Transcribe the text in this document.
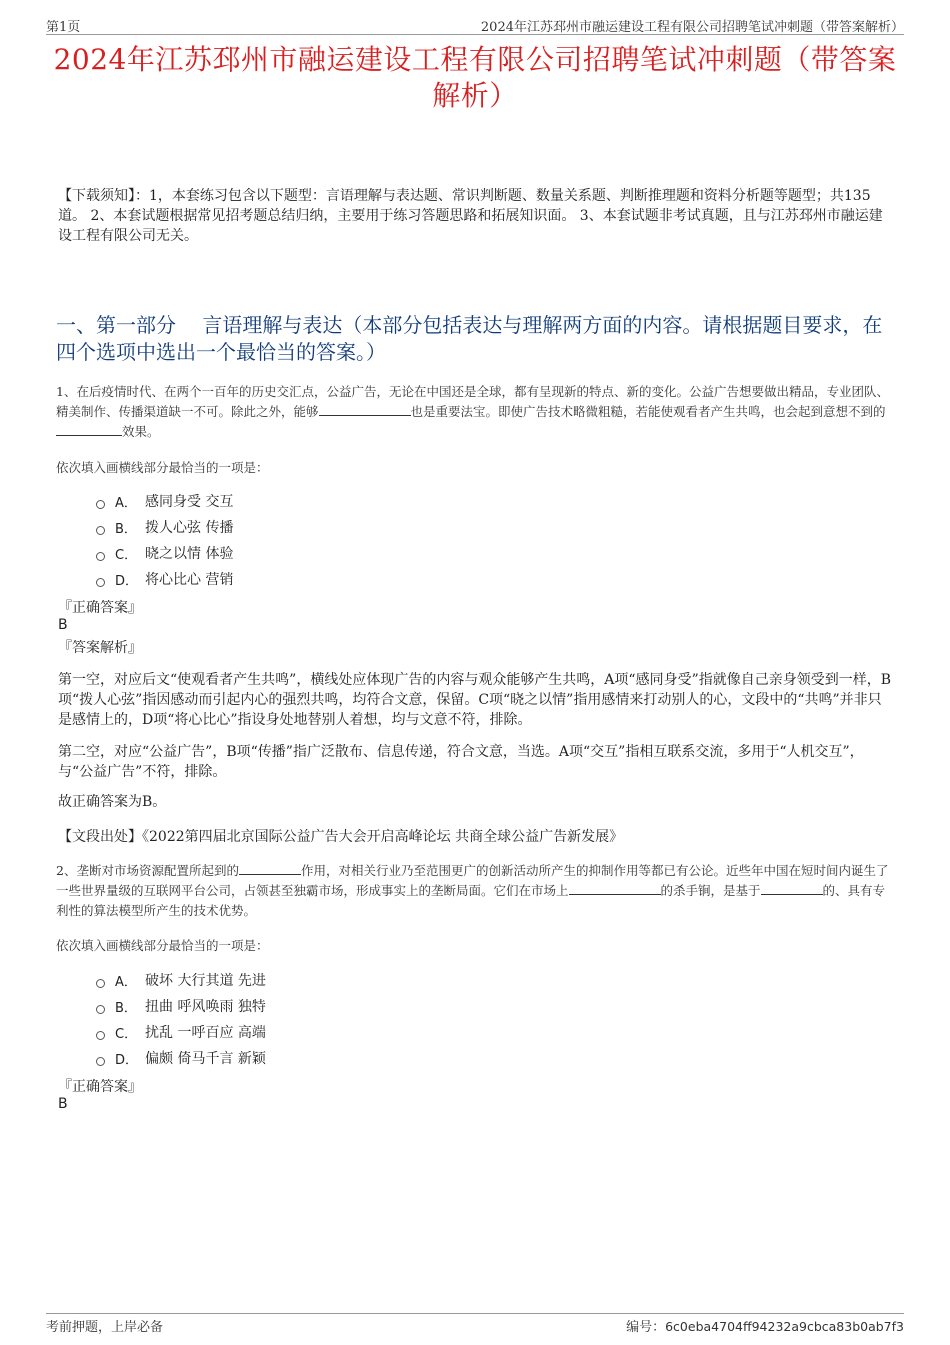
第1页	2024年江苏邳州市融运建设工程有限公司招聘笔试冲刺题（带答案解析）
2024年江苏邳州市融运建设工程有限公司招聘笔试冲刺题（带答案解析）
【下载须知】：1，本套练习包含以下题型：言语理解与表达题、常识判断题、数量关系题、判断推理题和资料分析题等题型；共135道。 2、本套试题根据常见招考题总结归纳，主要用于练习答题思路和拓展知识面。 3、本套试题非考试真题，且与江苏邳州市融运建设工程有限公司无关。
一、第一部分　 言语理解与表达（本部分包括表达与理解两方面的内容。请根据题目要求，在四个选项中选出一个最恰当的答案。）
1、在后疫情时代、在两个一百年的历史交汇点，公益广告，无论在中国还是全球，都有呈现新的特点、新的变化。公益广告想要做出精品，专业团队、精美制作、传播渠道缺一不可。除此之外，能够	也是重要法宝。即使广告技术略微粗糙，若能使观看者产生共鸣，也会起到意想不到的效果。
依次填入画横线部分最恰当的一项是：
A． 感同身受 交互
B． 拨人心弦 传播
C． 晓之以情 体验
D． 将心比心 营销
『正确答案』
B
『答案解析』
第一空，对应后文“使观看者产生共鸣”，横线处应体现广告的内容与观众能够产生共鸣，A项“感同身受”指就像自己亲身领受到一样，B项“拨人心弦”指因感动而引起内心的强烈共鸣，均符合文意，保留。C项“晓之以情”指用感情来打动别人的心，文段中的“共鸣”并非只是感情上的，D项“将心比心”指设身处地替别人着想，均与文意不符，排除。
第二空，对应“公益广告”，B项“传播”指广泛散布、信息传递，符合文意，当选。A项“交互”指相互联系交流，多用于“人机交互”，与“公益广告”不符，排除。
故正确答案为B。
【文段出处】《2022第四届北京国际公益广告大会开启高峰论坛 共商全球公益广告新发展》
2、垄断对市场资源配置所起到的	作用，对相关行业乃至范围更广的创新活动所产生的抑制作用等都已有公论。近些年中国在短时间内诞生了一些世界量级的互联网平台公司，占领甚至独霸市场，形成事实上的垄断局面。它们在市场上	的杀手锏，是基于	的、具有专利性的算法模型所产生的技术优势。
依次填入画横线部分最恰当的一项是：
A． 破坏 大行其道 先进
B． 扭曲 呼风唤雨 独特
C． 扰乱 一呼百应 高端
D． 偏颇 倚马千言 新颖
『正确答案』
B
考前押题，上岸必备	编号：6c0eba4704ff94232a9cbca83b0ab7f3
